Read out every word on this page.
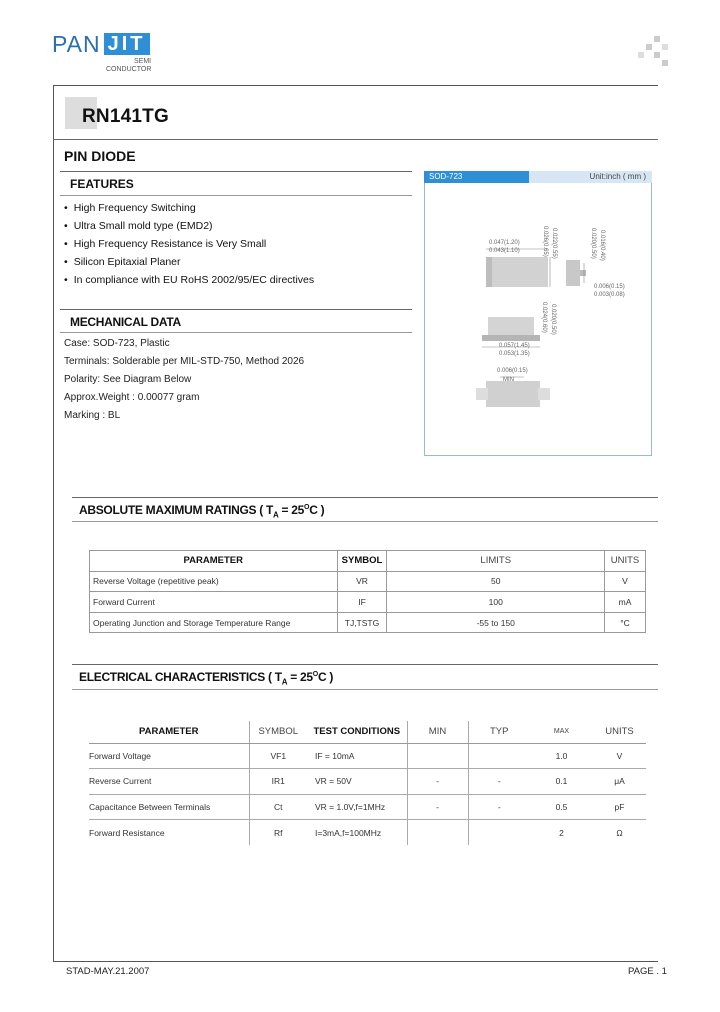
PAN JIT
SEMI
CONDUCTOR
RN141TG
PIN DIODE
FEATURES
• High Frequency Switching
• Ultra Small mold type (EMD2)
• High Frequency Resistance is Very Small
• Silicon Epitaxial Planer
• In compliance with EU RoHS 2002/95/EC directives
MECHANICAL DATA
Case: SOD-723, Plastic
Terminals: Solderable per MIL-STD-750, Method 2026
Polarity: See Diagram Below
Approx.Weight : 0.00077 gram
Marking : BL
SOD-723	Unit:inch ( mm )
0.047(1.20)
0.043(1.10)	0.026(0.65) 0.022(0.55)	0.020(0.50) 0.016(0.40)
0.006(0.15)
0.003(0.08)
0.024(0.60) 0.020(0.50)
0.057(1.45)
0.053(1.35)
0.006(0.15)
MIN
ABSOLUTE MAXIMUM RATINGS ( $T_A = 25^OC$ )
PARAMETER	SYMBOL	LIMITS	UNITS
Reverse Voltage (repetitive peak)	VR	50	V
Forward Current	IF	100	mA
Operating Junction and Storage Temperature Range	TJ,TSTG	-55 to 150	°C
ELECTRICAL CHARACTERISTICS ( $T_A = 25^OC$ )
PARAMETER	SYMBOL	TEST CONDITIONS	MIN	TYP	MAX	UNITS
Forward Voltage	VF1	IF = 10mA			1.0	V
Reverse Current	IR1	VR = 50V	-	-	0.1	μA
Capacitance Between Terminals	Ct	VR = 1.0V,f=1MHz	-	-	0.5	pF
Forward Resistance	Rf	I=3mA,f=100MHz			2	Ω
STAD-MAY.21.2007	PAGE . 1
